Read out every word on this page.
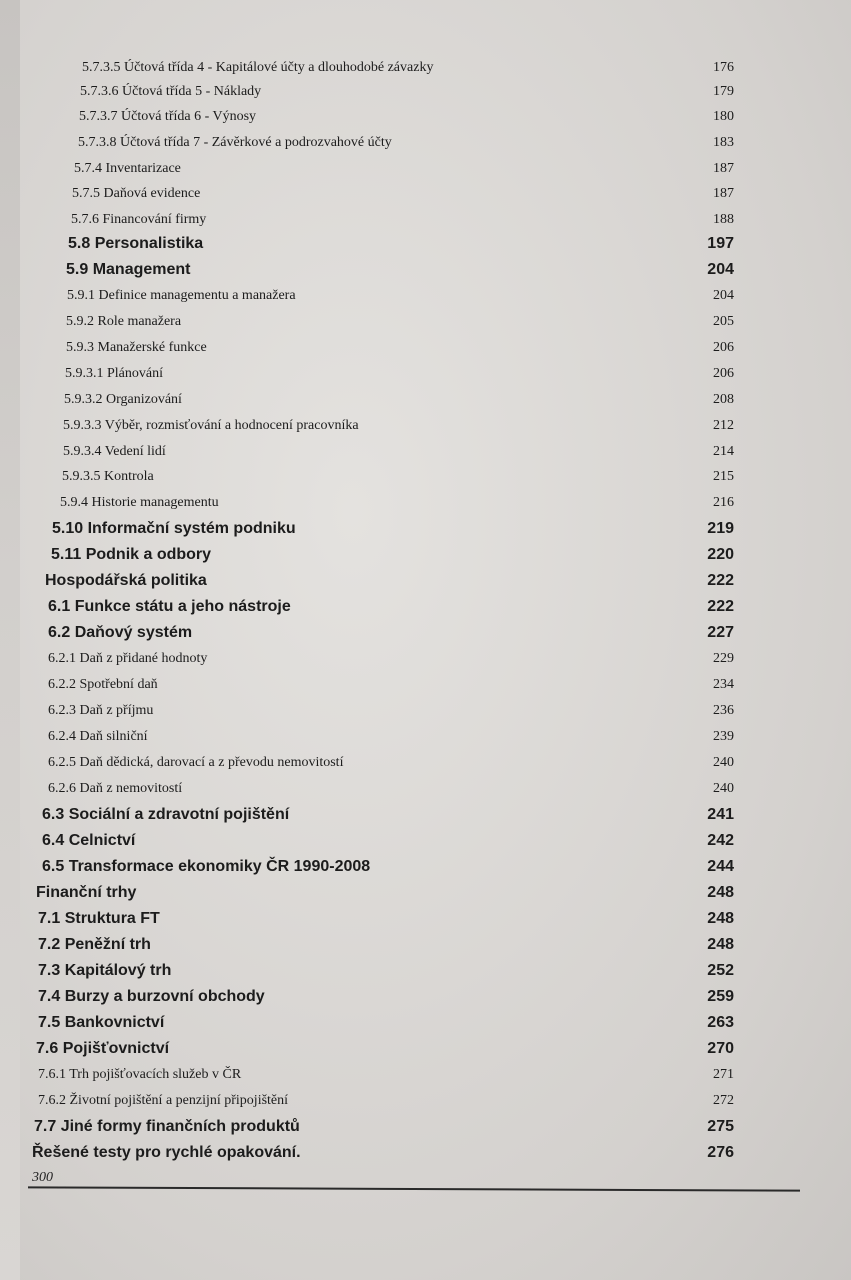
5.7.3.5 Účtová třída 4 - Kapitálové účty a dlouhodobé závazky	176
5.7.3.6 Účtová třída 5 - Náklady	179
5.7.3.7 Účtová třída 6 - Výnosy	180
5.7.3.8 Účtová třída 7 - Závěrkové a podrozvahové účty	183
5.7.4 Inventarizace	187
5.7.5 Daňová evidence	187
5.7.6 Financování firmy	188
5.8 Personalistika	197
5.9 Management	204
5.9.1 Definice managementu a manažera	204
5.9.2 Role manažera	205
5.9.3 Manažerské funkce	206
5.9.3.1 Plánování	206
5.9.3.2 Organizování	208
5.9.3.3 Výběr, rozmisťování a hodnocení pracovníka	212
5.9.3.4 Vedení lidí	214
5.9.3.5 Kontrola	215
5.9.4 Historie managementu	216
5.10 Informační systém podniku	219
5.11 Podnik a odbory	220
Hospodářská politika	222
6.1 Funkce státu a jeho nástroje	222
6.2 Daňový systém	227
6.2.1 Daň z přidané hodnoty	229
6.2.2 Spotřební daň	234
6.2.3 Daň z příjmu	236
6.2.4 Daň silniční	239
6.2.5 Daň dědická, darovací a z převodu nemovitostí	240
6.2.6 Daň z nemovitostí	240
6.3 Sociální a zdravotní pojištění	241
6.4 Celnictví	242
6.5 Transformace ekonomiky ČR 1990-2008	244
Finanční trhy	248
7.1 Struktura FT	248
7.2 Peněžní trh	248
7.3 Kapitálový trh	252
7.4 Burzy a burzovní obchody	259
7.5 Bankovnictví	263
7.6 Pojišťovnictví	270
7.6.1 Trh pojišťovacích služeb v ČR	271
7.6.2 Životní pojištění a penzijní připojištění	272
7.7 Jiné formy finančních produktů	275
Řešené testy pro rychlé opakování.	276
300
